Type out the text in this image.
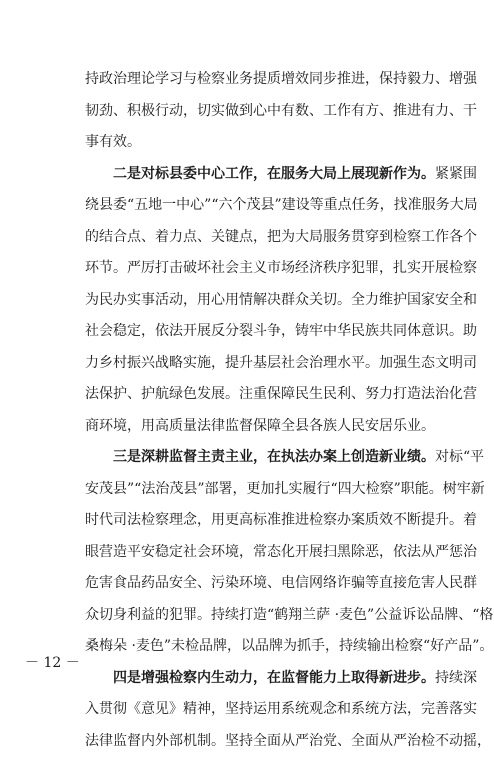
持政治理论学习与检察业务提质增效同步推进，保持毅力、增强
韧劲、积极行动，切实做到心中有数、工作有方、推进有力、干
事有效。
二是对标县委中心工作，在服务大局上展现新作为。紧紧围
绕县委“五地一中心”“六个茂县”建设等重点任务，找准服务大局
的结合点、着力点、关键点，把为大局服务贯穿到检察工作各个
环节。严厉打击破坏社会主义市场经济秩序犯罪，扎实开展检察
为民办实事活动，用心用情解决群众关切。全力维护国家安全和
社会稳定，依法开展反分裂斗争，铸牢中华民族共同体意识。助
力乡村振兴战略实施，提升基层社会治理水平。加强生态文明司
法保护、护航绿色发展。注重保障民生民利、努力打造法治化营
商环境，用高质量法律监督保障全县各族人民安居乐业。
三是深耕监督主责主业，在执法办案上创造新业绩。对标“平
安茂县”“法治茂县”部署，更加扎实履行“四大检察”职能。树牢新
时代司法检察理念，用更高标准推进检察办案质效不断提升。着
眼营造平安稳定社会环境，常态化开展扫黑除恶，依法从严惩治
危害食品药品安全、污染环境、电信网络诈骗等直接危害人民群
众切身利益的犯罪。持续打造“鹤翔兰萨 ·麦色”公益诉讼品牌、“格
桑梅朵 ·麦色”未检品牌，以品牌为抓手，持续输出检察“好产品”。
四是增强检察内生动力，在监督能力上取得新进步。持续深
入贯彻《意见》精神，坚持运用系统观念和系统方法，完善落实
法律监督内外部机制。坚持全面从严治党、全面从严治检不动摇，
－ 12 －
